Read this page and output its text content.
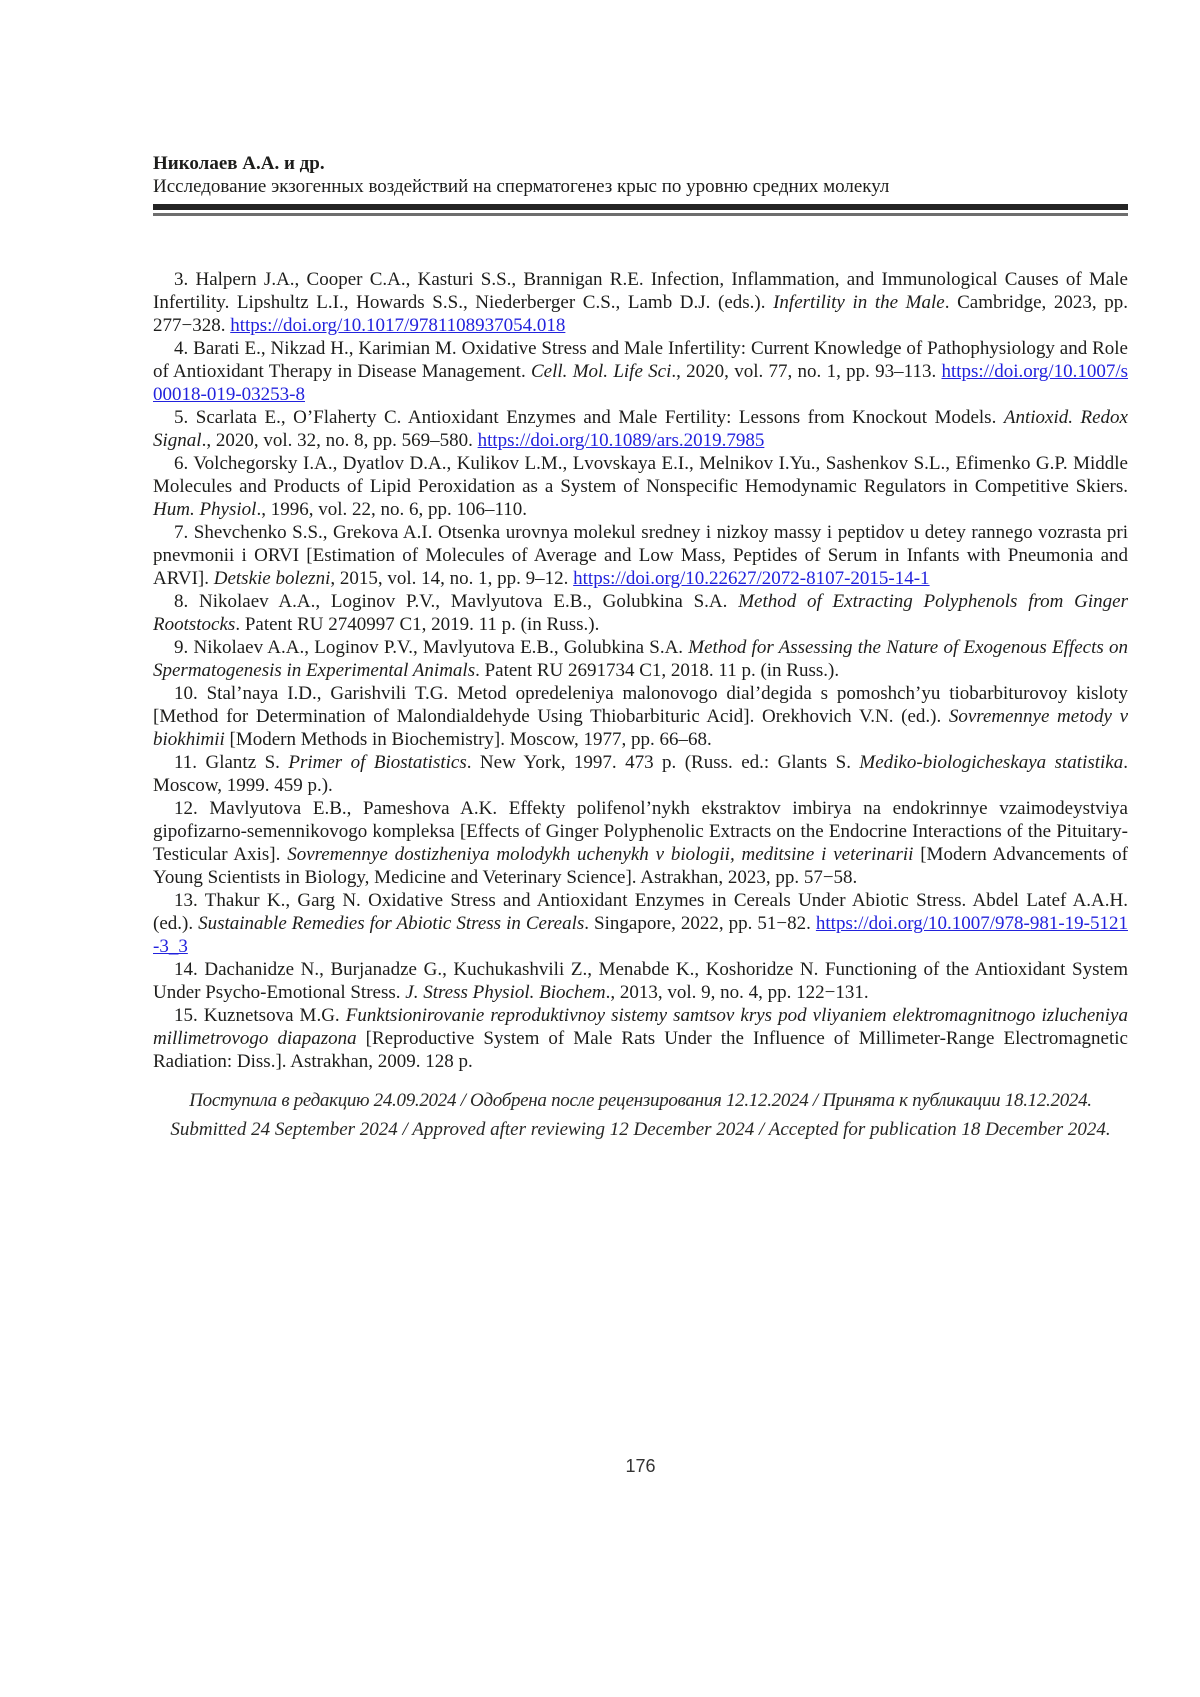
Николаев А.А. и др.
Исследование экзогенных воздействий на сперматогенез крыс по уровню средних молекул

3. Halpern J.A., Cooper C.A., Kasturi S.S., Brannigan R.E. Infection, Inflammation, and Immunological Causes of Male Infertility. Lipshultz L.I., Howards S.S., Niederberger C.S., Lamb D.J. (eds.). Infertility in the Male. Cambridge, 2023, pp. 277−328. https://doi.org/10.1017/9781108937054.018

4. Barati E., Nikzad H., Karimian M. Oxidative Stress and Male Infertility: Current Knowledge of Pathophysiology and Role of Antioxidant Therapy in Disease Management. Cell. Mol. Life Sci., 2020, vol. 77, no. 1, pp. 93–113. https://doi.org/10.1007/s00018-019-03253-8

5. Scarlata E., O’Flaherty C. Antioxidant Enzymes and Male Fertility: Lessons from Knockout Models. Antioxid. Redox Signal., 2020, vol. 32, no. 8, pp. 569–580. https://doi.org/10.1089/ars.2019.7985

6. Volchegorsky I.A., Dyatlov D.A., Kulikov L.M., Lvovskaya E.I., Melnikov I.Yu., Sashenkov S.L., Efimenko G.P. Middle Molecules and Products of Lipid Peroxidation as a System of Nonspecific Hemodynamic Regulators in Competitive Skiers. Hum. Physiol., 1996, vol. 22, no. 6, pp. 106–110.

7. Shevchenko S.S., Grekova A.I. Otsenka urovnya molekul sredney i nizkoy massy i peptidov u detey rannego vozrasta pri pnevmonii i ORVI [Estimation of Molecules of Average and Low Mass, Peptides of Serum in Infants with Pneumonia and ARVI]. Detskie bolezni, 2015, vol. 14, no. 1, pp. 9–12. https://doi.org/10.22627/2072-8107-2015-14-1

8. Nikolaev A.A., Loginov P.V., Mavlyutova E.B., Golubkina S.A. Method of Extracting Polyphenols from Ginger Rootstocks. Patent RU 2740997 C1, 2019. 11 p. (in Russ.).

9. Nikolaev A.A., Loginov P.V., Mavlyutova E.B., Golubkina S.A. Method for Assessing the Nature of Exogenous Effects on Spermatogenesis in Experimental Animals. Patent RU 2691734 C1, 2018. 11 p. (in Russ.).

10. Stal’naya I.D., Garishvili T.G. Metod opredeleniya malonovogo dial’degida s pomoshch’yu tiobarbiturovoy kisloty [Method for Determination of Malondialdehyde Using Thiobarbituric Acid]. Orekhovich V.N. (ed.). Sovremennye metody v biokhimii [Modern Methods in Biochemistry]. Moscow, 1977, pp. 66–68.

11. Glantz S. Primer of Biostatistics. New York, 1997. 473 p. (Russ. ed.: Glants S. Mediko-biologicheskaya statistika. Moscow, 1999. 459 p.).

12. Mavlyutova E.B., Pameshova A.K. Effekty polifenol’nykh ekstraktov imbirya na endokrinnye vzaimodeystviya gipofizarno-semennikovogo kompleksa [Effects of Ginger Polyphenolic Extracts on the Endocrine Interactions of the Pituitary-Testicular Axis]. Sovremennye dostizheniya molodykh uchenykh v biologii, meditsine i veterinarii [Modern Advancements of Young Scientists in Biology, Medicine and Veterinary Science]. Astrakhan, 2023, pp. 57−58.

13. Thakur K., Garg N. Oxidative Stress and Antioxidant Enzymes in Cereals Under Abiotic Stress. Abdel Latef A.A.H. (ed.). Sustainable Remedies for Abiotic Stress in Cereals. Singapore, 2022, pp. 51−82. https://doi.org/10.1007/978-981-19-5121-3_3

14. Dachanidze N., Burjanadze G., Kuchukashvili Z., Menabde K., Koshoridze N. Functioning of the Antioxidant System Under Psycho-Emotional Stress. J. Stress Physiol. Biochem., 2013, vol. 9, no. 4, pp. 122−131.

15. Kuznetsova M.G. Funktsionirovanie reproduktivnoy sistemy samtsov krys pod vliyaniem elektromagnitnogo izlucheniya millimetrovogo diapazona [Reproductive System of Male Rats Under the Influence of Millimeter-Range Electromagnetic Radiation: Diss.]. Astrakhan, 2009. 128 p.

Поступила в редакцию 24.09.2024 / Одобрена после рецензирования 12.12.2024 / Принята к публикации 18.12.2024.
Submitted 24 September 2024 / Approved after reviewing 12 December 2024 / Accepted for publication 18 December 2024.
176
